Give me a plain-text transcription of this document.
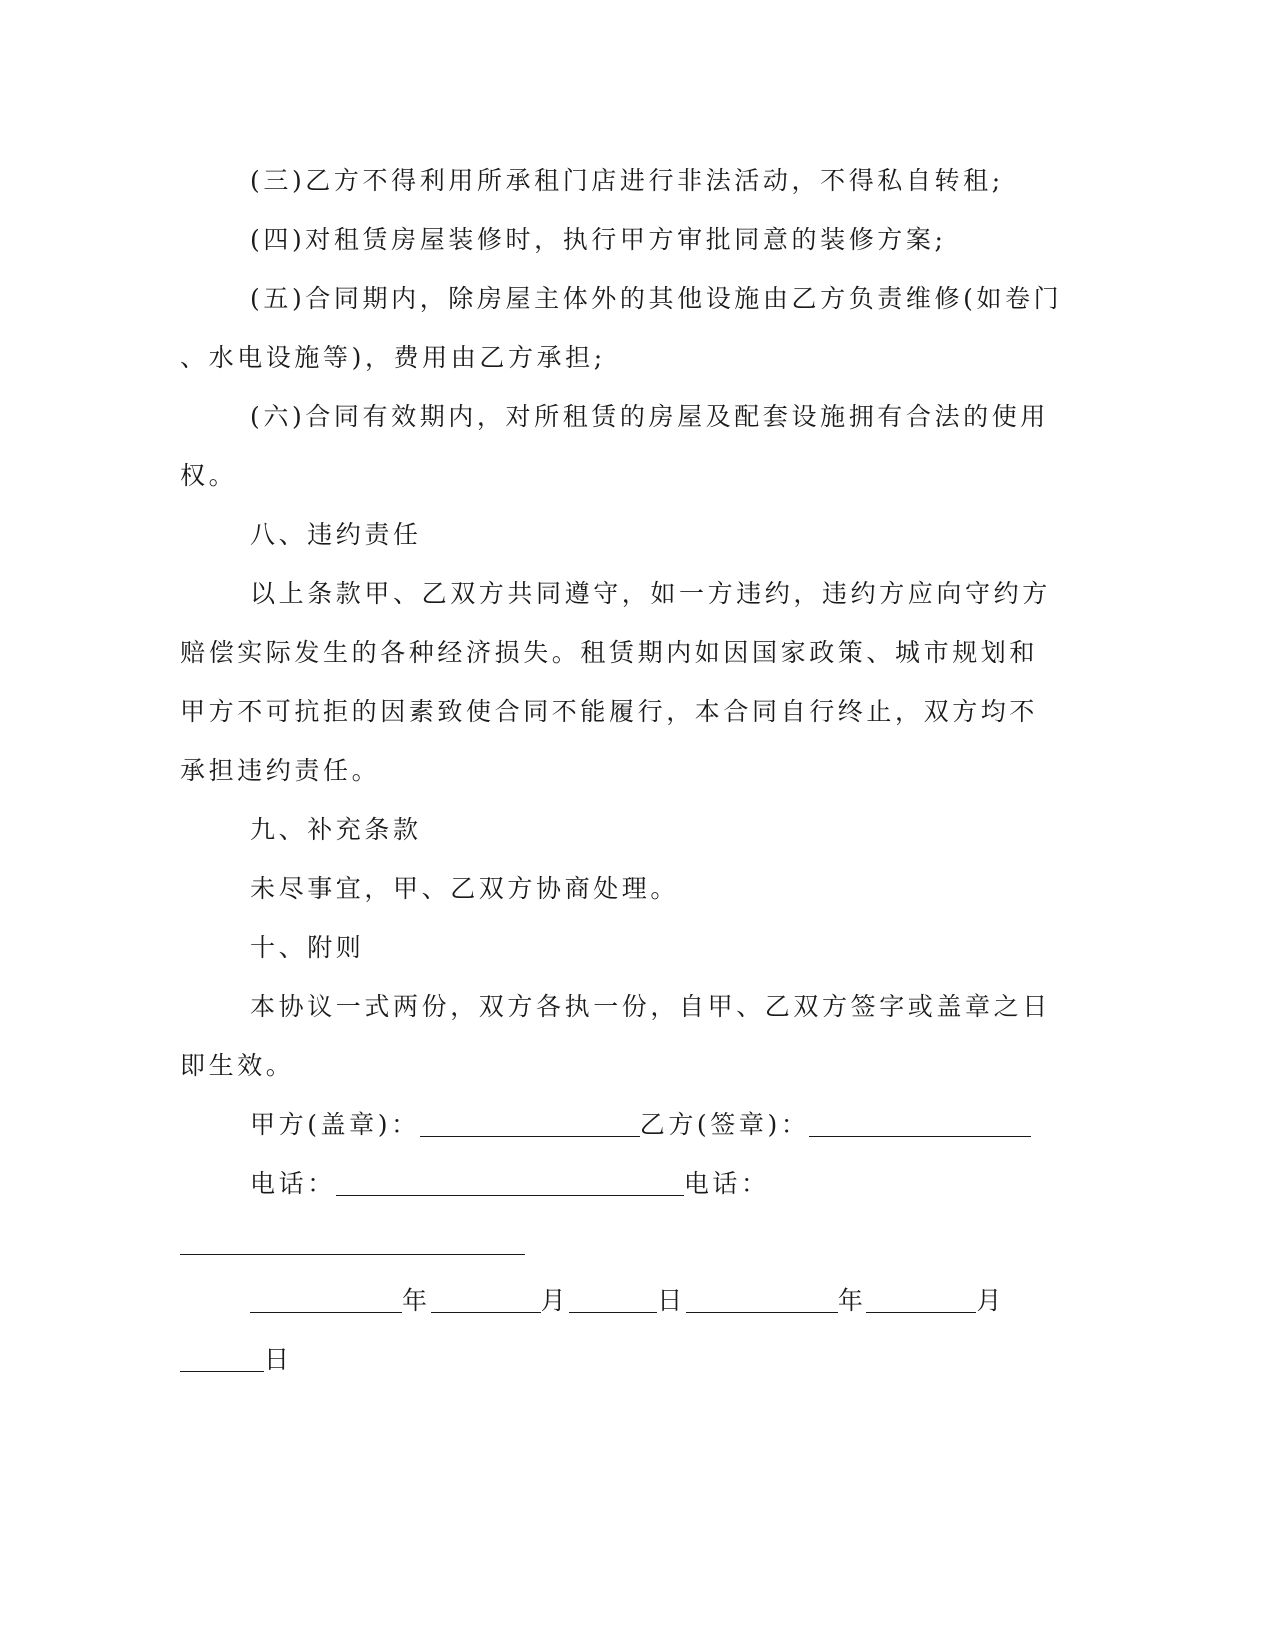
(三)乙方不得利用所承租门店进行非法活动，不得私自转租;
(四)对租赁房屋装修时，执行甲方审批同意的装修方案;
(五)合同期内，除房屋主体外的其他设施由乙方负责维修(如卷门
、水电设施等)，费用由乙方承担;
(六)合同有效期内，对所租赁的房屋及配套设施拥有合法的使用
权。
八、违约责任
以上条款甲、乙双方共同遵守，如一方违约，违约方应向守约方
赔偿实际发生的各种经济损失。租赁期内如因国家政策、城市规划和
甲方不可抗拒的因素致使合同不能履行，本合同自行终止，双方均不
承担违约责任。
九、补充条款
未尽事宜，甲、乙双方协商处理。
十、附则
本协议一式两份，双方各执一份，自甲、乙双方签字或盖章之日
即生效。
甲方(盖章)：	乙方(签章)：
电话：	电话：
年	月	日	年	月
日
